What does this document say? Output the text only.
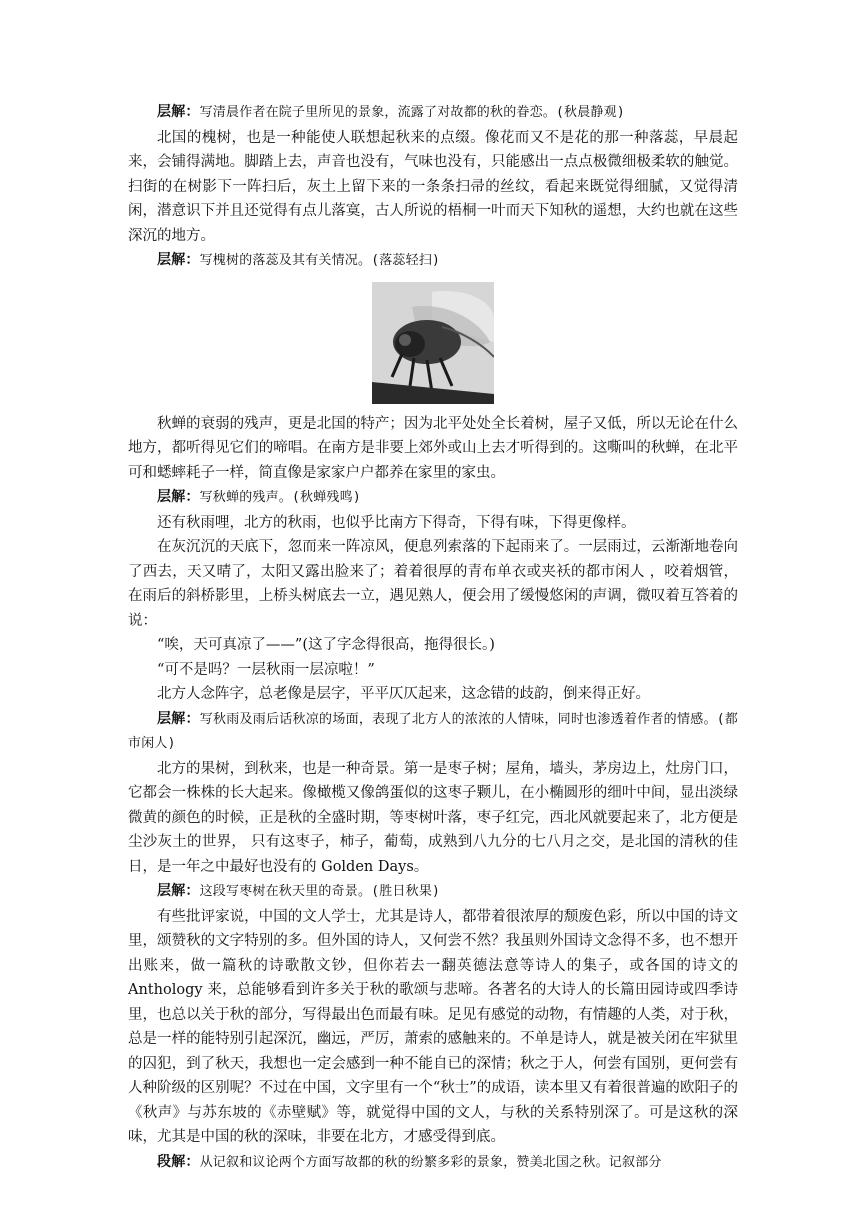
层解：写清晨作者在院子里所见的景象，流露了对故都的秋的眷恋。(秋晨静观)

北国的槐树，也是一种能使人联想起秋来的点缀。像花而又不是花的那一种落蕊，早晨起来，会铺得满地。脚踏上去，声音也没有，气味也没有，只能感出一点点极微细极柔软的触觉。扫街的在树影下一阵扫后，灰土上留下来的一条条扫帚的丝纹，看起来既觉得细腻，又觉得清闲，潜意识下并且还觉得有点儿落寞，古人所说的梧桐一叶而天下知秋的遥想，大约也就在这些深沉的地方。

层解：写槐树的落蕊及其有关情况。(落蕊轻扫)

秋蝉的衰弱的残声，更是北国的特产；因为北平处处全长着树，屋子又低，所以无论在什么地方，都听得见它们的啼唱。在南方是非要上郊外或山上去才听得到的。这嘶叫的秋蝉，在北平可和蟋蟀耗子一样，简直像是家家户户都养在家里的家虫。

层解：写秋蝉的残声。(秋蝉残鸣)

还有秋雨哩，北方的秋雨，也似乎比南方下得奇，下得有味，下得更像样。

在灰沉沉的天底下，忽而来一阵凉风，便息列索落的下起雨来了。一层雨过，云渐渐地卷向了西去，天又晴了，太阳又露出脸来了；着着很厚的青布单衣或夹袄的都市闲人 ，咬着烟管，在雨后的斜桥影里，上桥头树底去一立，遇见熟人，便会用了缓慢悠闲的声调，微叹着互答着的说：

“唉，天可真凉了——”(这了字念得很高，拖得很长。)

“可不是吗？一层秋雨一层凉啦！”

北方人念阵字，总老像是层字，平平仄仄起来，这念错的歧韵，倒来得正好。

层解：写秋雨及雨后话秋凉的场面，表现了北方人的浓浓的人情味，同时也渗透着作者的情感。(都市闲人)

北方的果树，到秋来，也是一种奇景。第一是枣子树；屋角，墙头，茅房边上，灶房门口，它都会一株株的长大起来。像橄榄又像鸽蛋似的这枣子颗儿，在小椭圆形的细叶中间，显出淡绿微黄的颜色的时候，正是秋的全盛时期，等枣树叶落，枣子红完，西北风就要起来了，北方便是尘沙灰土的世界， 只有这枣子，柿子，葡萄，成熟到八九分的七八月之交，是北国的清秋的佳日，是一年之中最好也没有的 Golden Days。

层解：这段写枣树在秋天里的奇景。(胜日秋果)

有些批评家说，中国的文人学士，尤其是诗人，都带着很浓厚的颓废色彩，所以中国的诗文里，颂赞秋的文字特别的多。但外国的诗人，又何尝不然？我虽则外国诗文念得不多，也不想开出账来，做一篇秋的诗歌散文钞，但你若去一翻英德法意等诗人的集子，或各国的诗文的 Anthology 来，总能够看到许多关于秋的歌颂与悲啼。各著名的大诗人的长篇田园诗或四季诗里，也总以关于秋的部分，写得最出色而最有味。足见有感觉的动物，有情趣的人类，对于秋，总是一样的能特别引起深沉，幽远，严厉，萧索的感触来的。不单是诗人，就是被关闭在牢狱里的囚犯，到了秋天，我想也一定会感到一种不能自已的深情；秋之于人，何尝有国别，更何尝有人种阶级的区别呢？不过在中国，文字里有一个“秋士”的成语，读本里又有着很普遍的欧阳子的《秋声》与苏东坡的《赤壁赋》等，就觉得中国的文人，与秋的关系特别深了。可是这秋的深味，尤其是中国的秋的深味，非要在北方，才感受得到底。

段解：从记叙和议论两个方面写故都的秋的纷繁多彩的景象，赞美北国之秋。记叙部分
